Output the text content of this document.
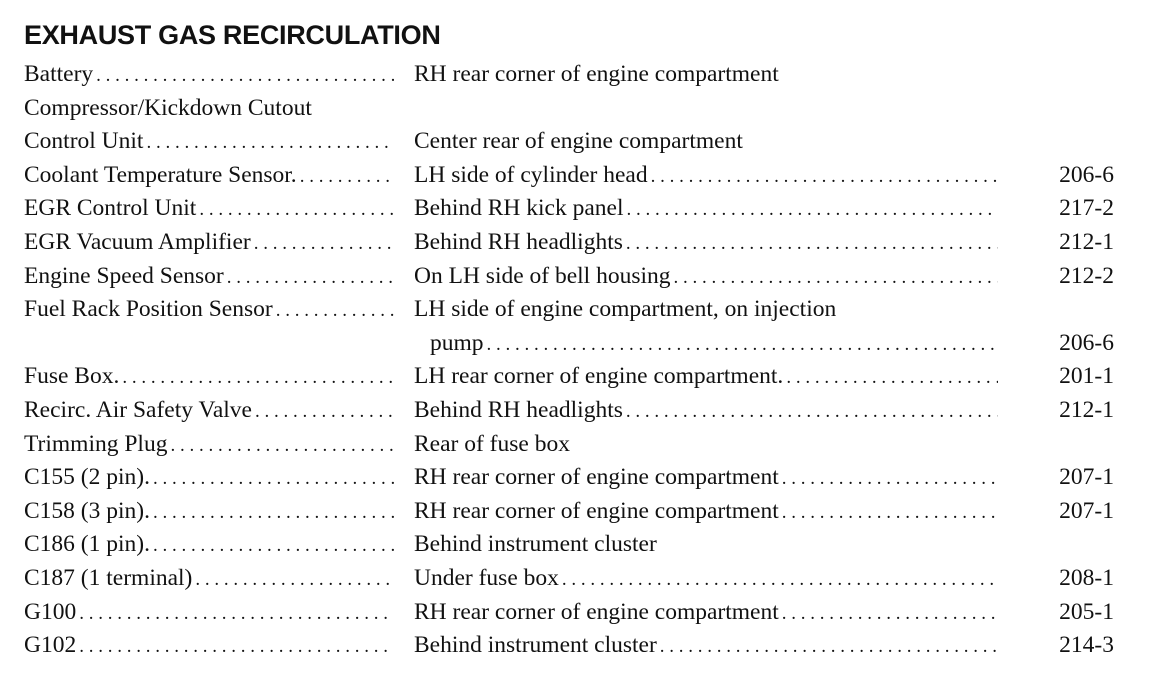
EXHAUST GAS RECIRCULATION
Battery . . .	RH rear corner of engine compartment
Compressor/Kickdown Cutout
Control Unit . . .	Center rear of engine compartment
Coolant Temperature Sensor. . . .	LH side of cylinder head . . .	206-6
EGR Control Unit . . .	Behind RH kick panel . . .	217-2
EGR Vacuum Amplifier . . .	Behind RH headlights . . .	212-1
Engine Speed Sensor . . .	On LH side of bell housing . . .	212-2
Fuel Rack Position Sensor . . .	LH side of engine compartment, on injection
pump . . .	206-6
Fuse Box. . . .	LH rear corner of engine compartment. . . .	201-1
Recirc. Air Safety Valve . . .	Behind RH headlights . . .	212-1
Trimming Plug . . .	Rear of fuse box
C155 (2 pin). . . .	RH rear corner of engine compartment . . .	207-1
C158 (3 pin). . . .	RH rear corner of engine compartment . . .	207-1
C186 (1 pin). . . .	Behind instrument cluster
C187 (1 terminal) . . .	Under fuse box . . .	208-1
G100 . . .	RH rear corner of engine compartment . . .	205-1
G102 . . .	Behind instrument cluster . . .	214-3
